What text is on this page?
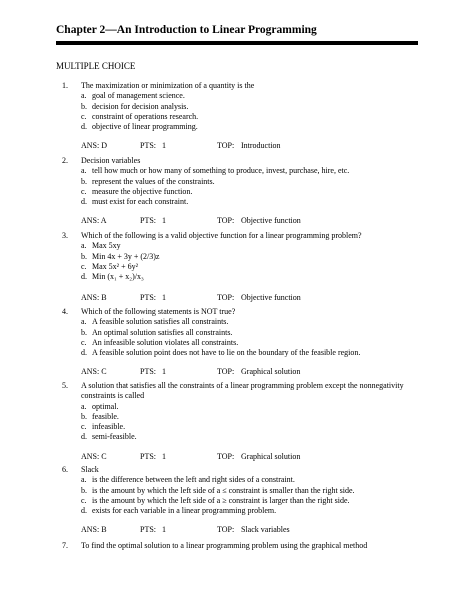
Chapter 2—An Introduction to Linear Programming
MULTIPLE CHOICE
1.	The maximization or minimization of a quantity is the
a. goal of management science.
b. decision for decision analysis.
c. constraint of operations research.
d. objective of linear programming.
ANS: D	PTS: 1	TOP: Introduction
2.	Decision variables
a. tell how much or how many of something to produce, invest, purchase, hire, etc.
b. represent the values of the constraints.
c. measure the objective function.
d. must exist for each constraint.
ANS: A	PTS: 1	TOP: Objective function
3.	Which of the following is a valid objective function for a linear programming problem?
a. Max 5xy
b. Min 4x + 3y + (2/3)z
c. Max 5x² + 6y²
d. Min (x₁ + x₂)/x₃
ANS: B	PTS: 1	TOP: Objective function
4.	Which of the following statements is NOT true?
a. A feasible solution satisfies all constraints.
b. An optimal solution satisfies all constraints.
c. An infeasible solution violates all constraints.
d. A feasible solution point does not have to lie on the boundary of the feasible region.
ANS: C	PTS: 1	TOP: Graphical solution
5.	A solution that satisfies all the constraints of a linear programming problem except the nonnegativity constraints is called
a. optimal.
b. feasible.
c. infeasible.
d. semi-feasible.
ANS: C	PTS: 1	TOP: Graphical solution
6.	Slack
a. is the difference between the left and right sides of a constraint.
b. is the amount by which the left side of a ≤ constraint is smaller than the right side.
c. is the amount by which the left side of a ≥ constraint is larger than the right side.
d. exists for each variable in a linear programming problem.
ANS: B	PTS: 1	TOP: Slack variables
7.	To find the optimal solution to a linear programming problem using the graphical method
